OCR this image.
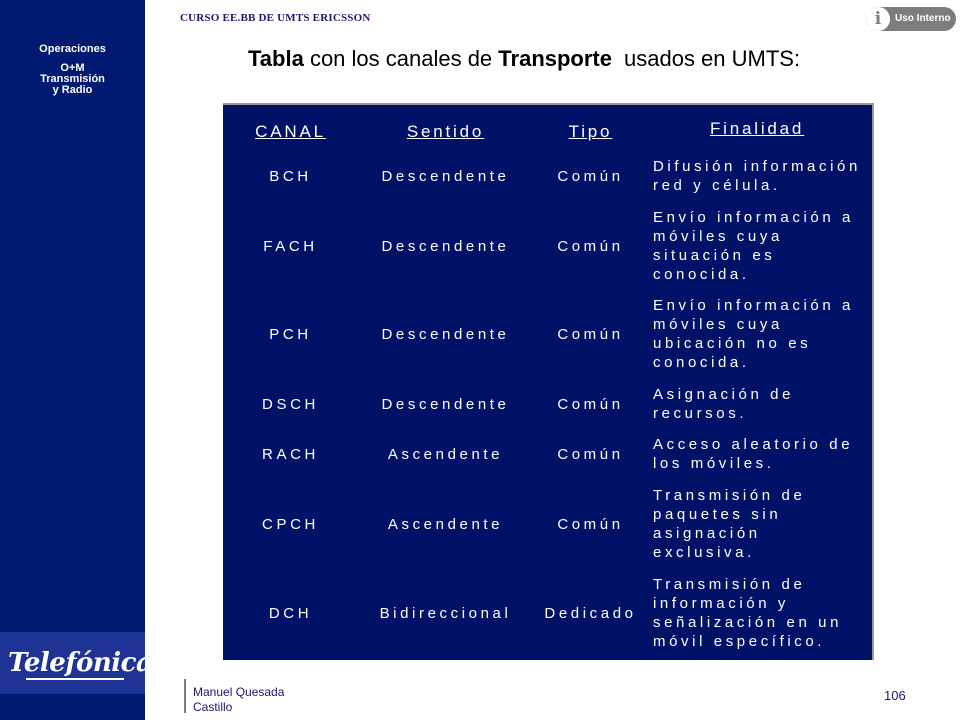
Operaciones
O+M
Transmisión
y Radio
Telefónica
CURSO EE.BB DE UMTS ERICSSON	i	Uso Interno
Tabla con los canales de Transporte usados en UMTS:
CANAL	Sentido	Tipo	Finalidad
BCH	Descendente	Común
Difusión información
red y célula.
FACH	Descendente	Común
Envío información a
móviles cuya
situación es
conocida.
PCH	Descendente	Común
Envío información a
móviles cuya
ubicación no es
conocida.
DSCH	Descendente	Común
Asignación de
recursos.
RACH	Ascendente	Común
Acceso aleatorio de
los móviles.
CPCH	Ascendente	Común
Transmisión de
paquetes sin
asignación
exclusiva.
DCH	Bidireccional	Dedicado
Transmisión de
información y
señalización en un
móvil específico.
Manuel Quesada
Castillo
106
